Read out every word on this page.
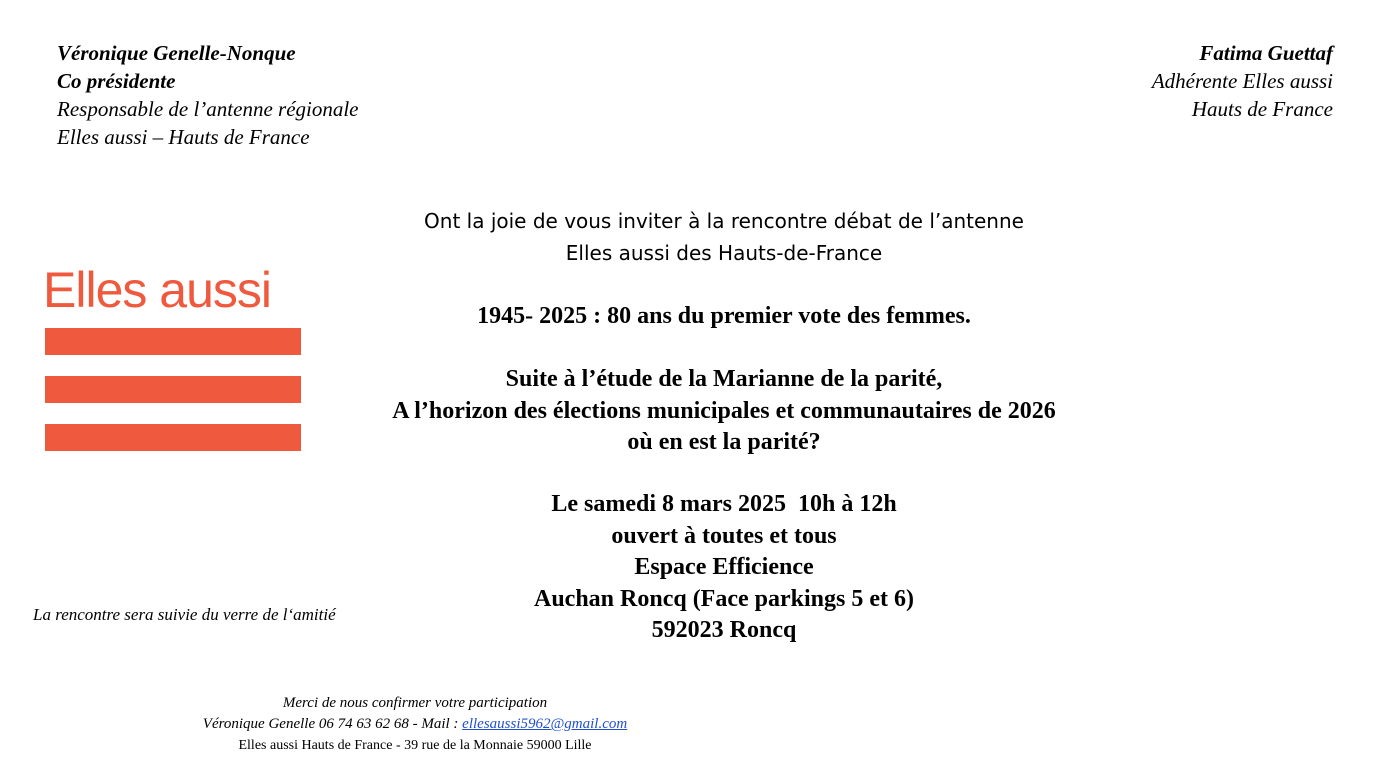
Véronique Genelle-Nonque
Co présidente
Responsable de l’antenne régionale
Elles aussi – Hauts de France
Fatima Guettaf
Adhérente Elles aussi
Hauts de France
Elles aussi
Ont la joie de vous inviter à la rencontre débat de l’antenne
Elles aussi des Hauts-de-France
1945- 2025 : 80 ans du premier vote des femmes.
Suite à l’étude de la Marianne de la parité,
A l’horizon des élections municipales et communautaires de 2026
où en est la parité?
Le samedi 8 mars 2025  10h à 12h
ouvert à toutes et tous
Espace Efficience
Auchan Roncq (Face parkings 5 et 6)
592023 Roncq
La rencontre sera suivie du verre de l‘amitié
Merci de nous confirmer votre participation
Véronique Genelle 06 74 63 62 68 - Mail : ellesaussi5962@gmail.com
Elles aussi Hauts de France - 39 rue de la Monnaie 59000 Lille
